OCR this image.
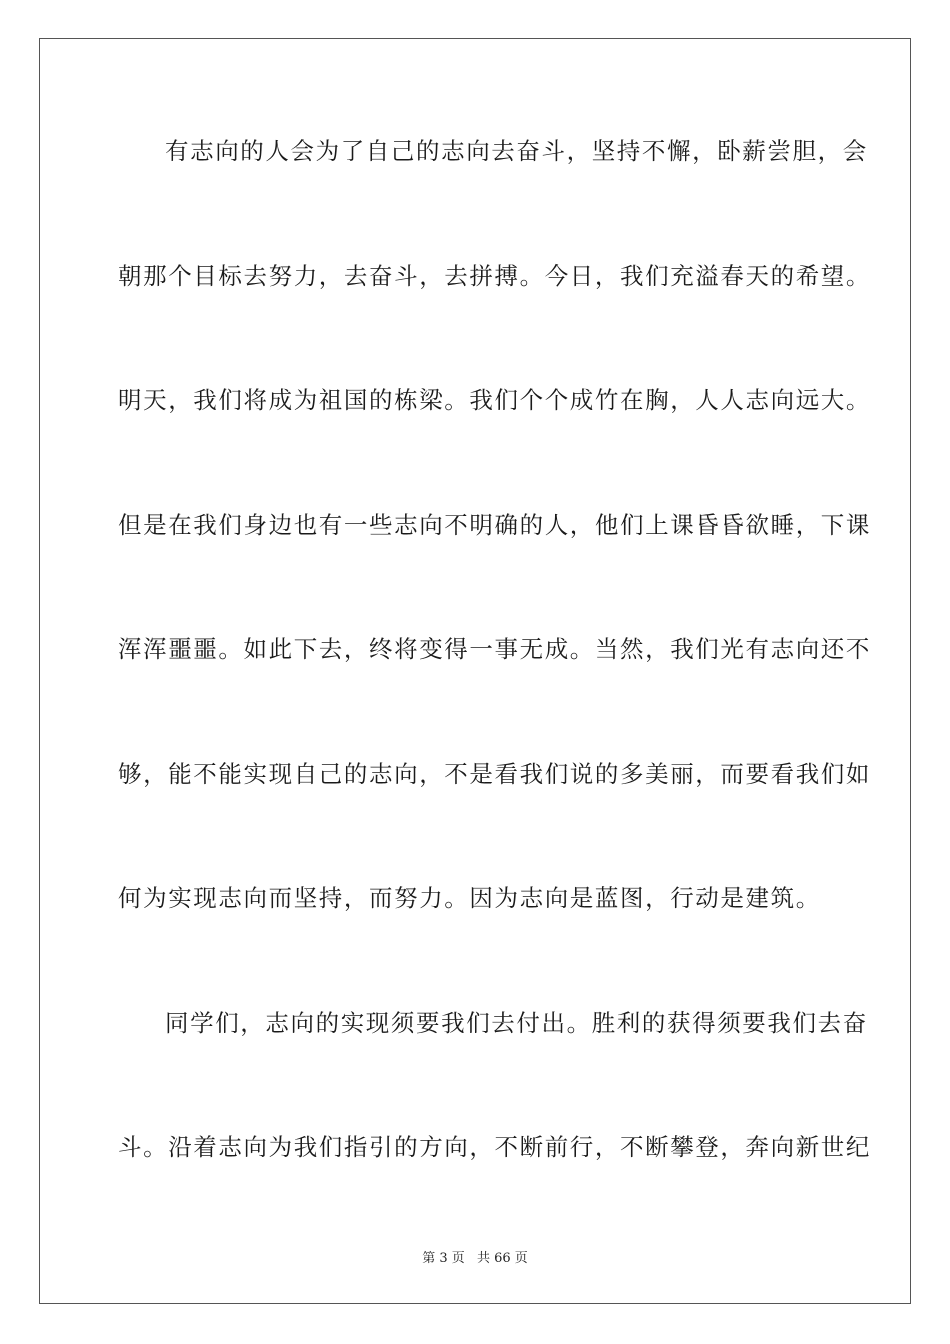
有志向的人会为了自己的志向去奋斗，坚持不懈，卧薪尝胆，会
朝那个目标去努力，去奋斗，去拼搏。今日，我们充溢春天的希望。
明天，我们将成为祖国的栋梁。我们个个成竹在胸，人人志向远大。
但是在我们身边也有一些志向不明确的人，他们上课昏昏欲睡，下课
浑浑噩噩。如此下去，终将变得一事无成。当然，我们光有志向还不
够，能不能实现自己的志向，不是看我们说的多美丽，而要看我们如
何为实现志向而坚持，而努力。因为志向是蓝图，行动是建筑。
同学们，志向的实现须要我们去付出。胜利的获得须要我们去奋
斗。沿着志向为我们指引的方向，不断前行，不断攀登，奔向新世纪
第 3 页 共 66 页
